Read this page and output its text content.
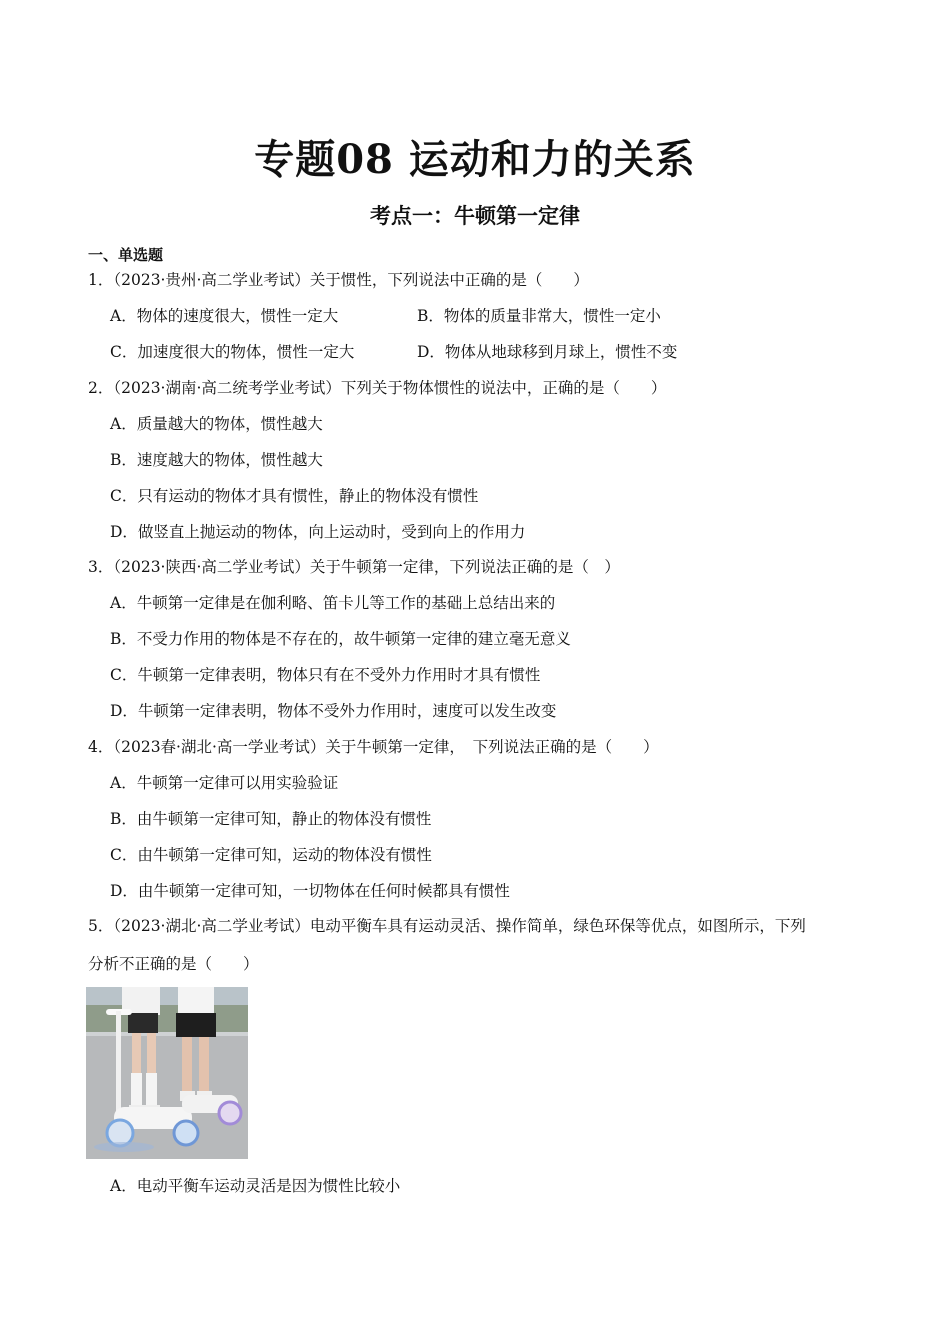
专题08 运动和力的关系
考点一：牛顿第一定律
一、单选题
1．（2023·贵州·高二学业考试）关于惯性，下列说法中正确的是（　　）
A．物体的速度很大，惯性一定大	B．物体的质量非常大，惯性一定小
C．加速度很大的物体，惯性一定大	D．物体从地球移到月球上，惯性不变
2．（2023·湖南·高二统考学业考试）下列关于物体惯性的说法中，正确的是（　　）
A．质量越大的物体，惯性越大
B．速度越大的物体，惯性越大
C．只有运动的物体才具有惯性，静止的物体没有惯性
D．做竖直上抛运动的物体，向上运动时，受到向上的作用力
3．（2023·陕西·高二学业考试）关于牛顿第一定律，下列说法正确的是（　）
A．牛顿第一定律是在伽利略、笛卡儿等工作的基础上总结出来的
B．不受力作用的物体是不存在的，故牛顿第一定律的建立毫无意义
C．牛顿第一定律表明，物体只有在不受外力作用时才具有惯性
D．牛顿第一定律表明，物体不受外力作用时，速度可以发生改变
4．（2023春·湖北·高一学业考试）关于牛顿第一定律，　下列说法正确的是（　　）
A．牛顿第一定律可以用实验验证
B．由牛顿第一定律可知，静止的物体没有惯性
C．由牛顿第一定律可知，运动的物体没有惯性
D．由牛顿第一定律可知，一切物体在任何时候都具有惯性
5．（2023·湖北·高二学业考试）电动平衡车具有运动灵活、操作简单，绿色环保等优点，如图所示，下列
分析不正确的是（　　）
A．电动平衡车运动灵活是因为惯性比较小
